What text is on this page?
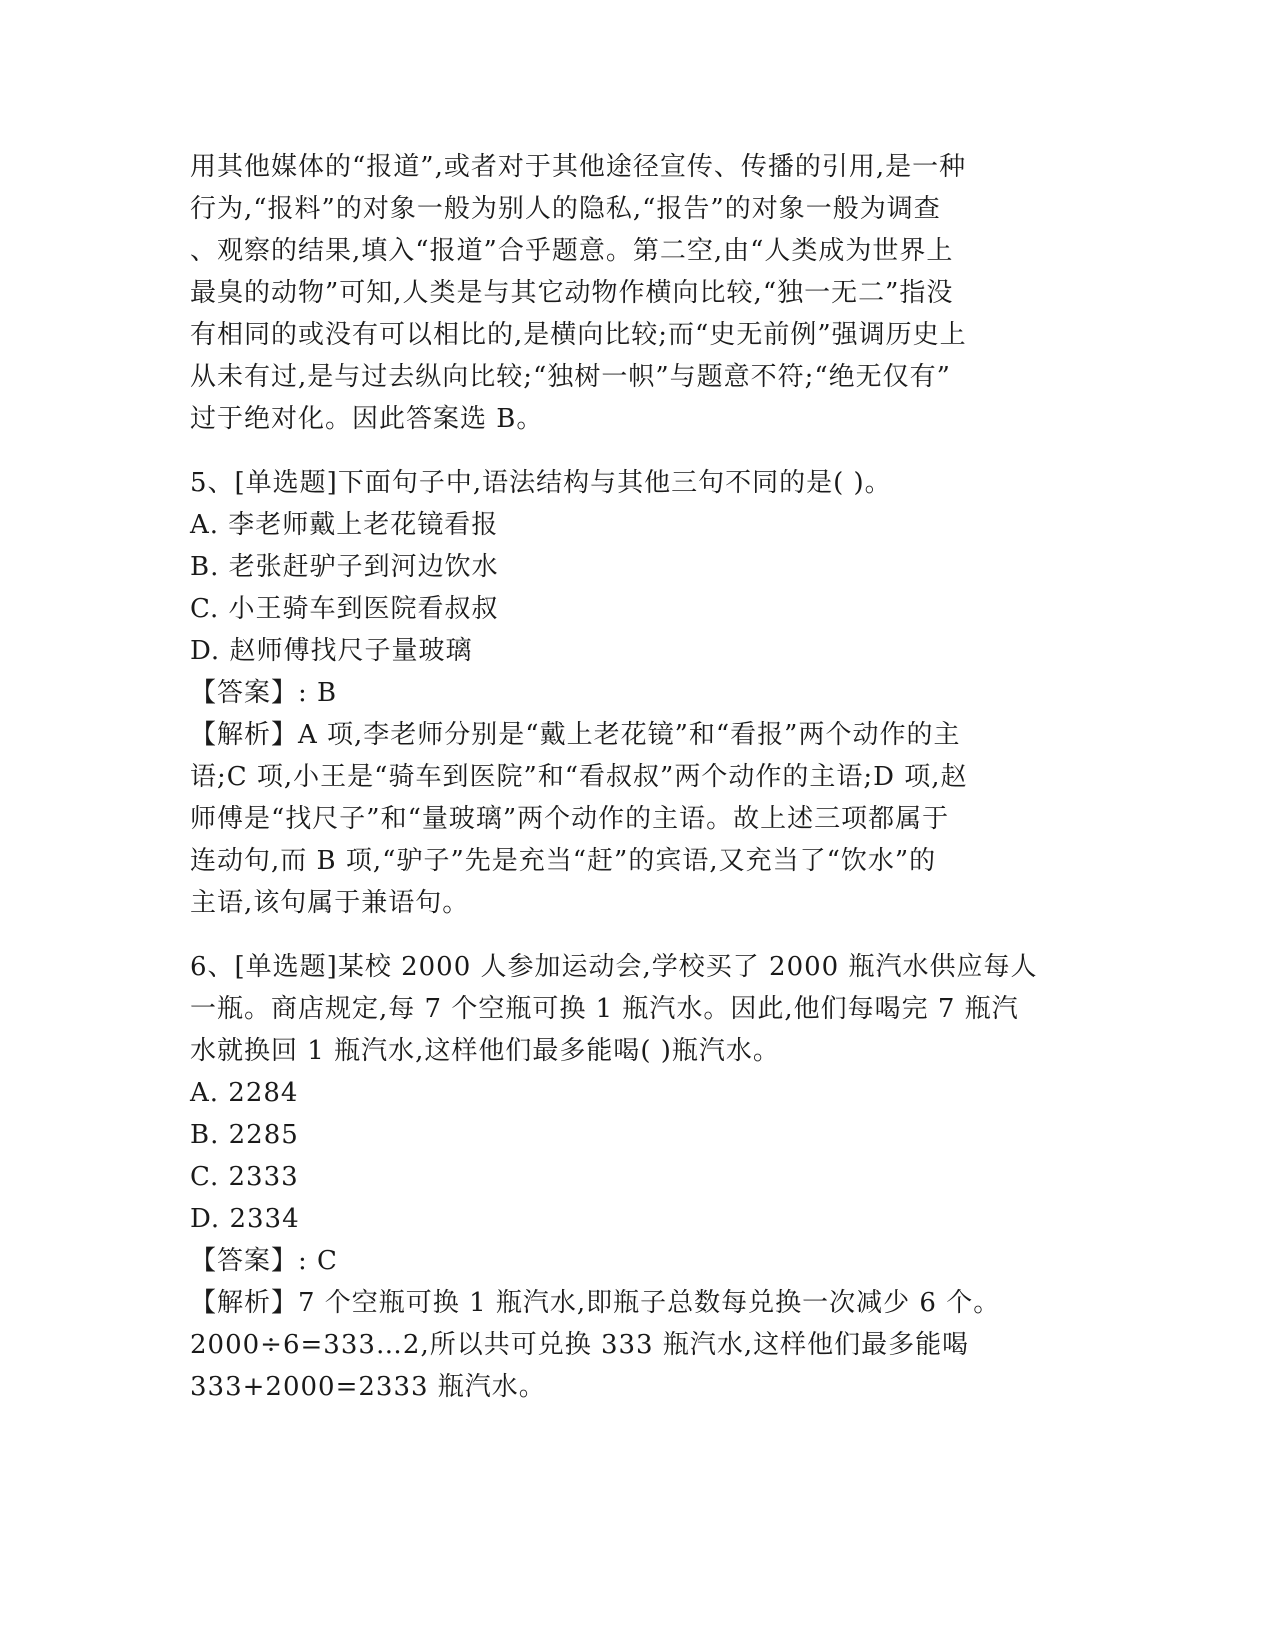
用其他媒体的“报道”,或者对于其他途径宣传、传播的引用,是一种
行为,“报料”的对象一般为别人的隐私,“报告”的对象一般为调查
、观察的结果,填入“报道”合乎题意。第二空,由“人类成为世界上
最臭的动物”可知,人类是与其它动物作横向比较,“独一无二”指没
有相同的或没有可以相比的,是横向比较;而“史无前例”强调历史上
从未有过,是与过去纵向比较;“独树一帜”与题意不符;“绝无仅有”
过于绝对化。因此答案选 B。
5、[单选题]下面句子中,语法结构与其他三句不同的是( )。
A. 李老师戴上老花镜看报
B. 老张赶驴子到河边饮水
C. 小王骑车到医院看叔叔
D. 赵师傅找尺子量玻璃
【答案】: B
【解析】A 项,李老师分别是“戴上老花镜”和“看报”两个动作的主
语;C 项,小王是“骑车到医院”和“看叔叔”两个动作的主语;D 项,赵
师傅是“找尺子”和“量玻璃”两个动作的主语。故上述三项都属于
连动句,而 B 项,“驴子”先是充当“赶”的宾语,又充当了“饮水”的
主语,该句属于兼语句。
6、[单选题]某校 2000 人参加运动会,学校买了 2000 瓶汽水供应每人
一瓶。商店规定,每 7 个空瓶可换 1 瓶汽水。因此,他们每喝完 7 瓶汽
水就换回 1 瓶汽水,这样他们最多能喝( )瓶汽水。
A. 2284
B. 2285
C. 2333
D. 2334
【答案】: C
【解析】7 个空瓶可换 1 瓶汽水,即瓶子总数每兑换一次减少 6 个。
2000÷6=333…2,所以共可兑换 333 瓶汽水,这样他们最多能喝
333+2000=2333 瓶汽水。
